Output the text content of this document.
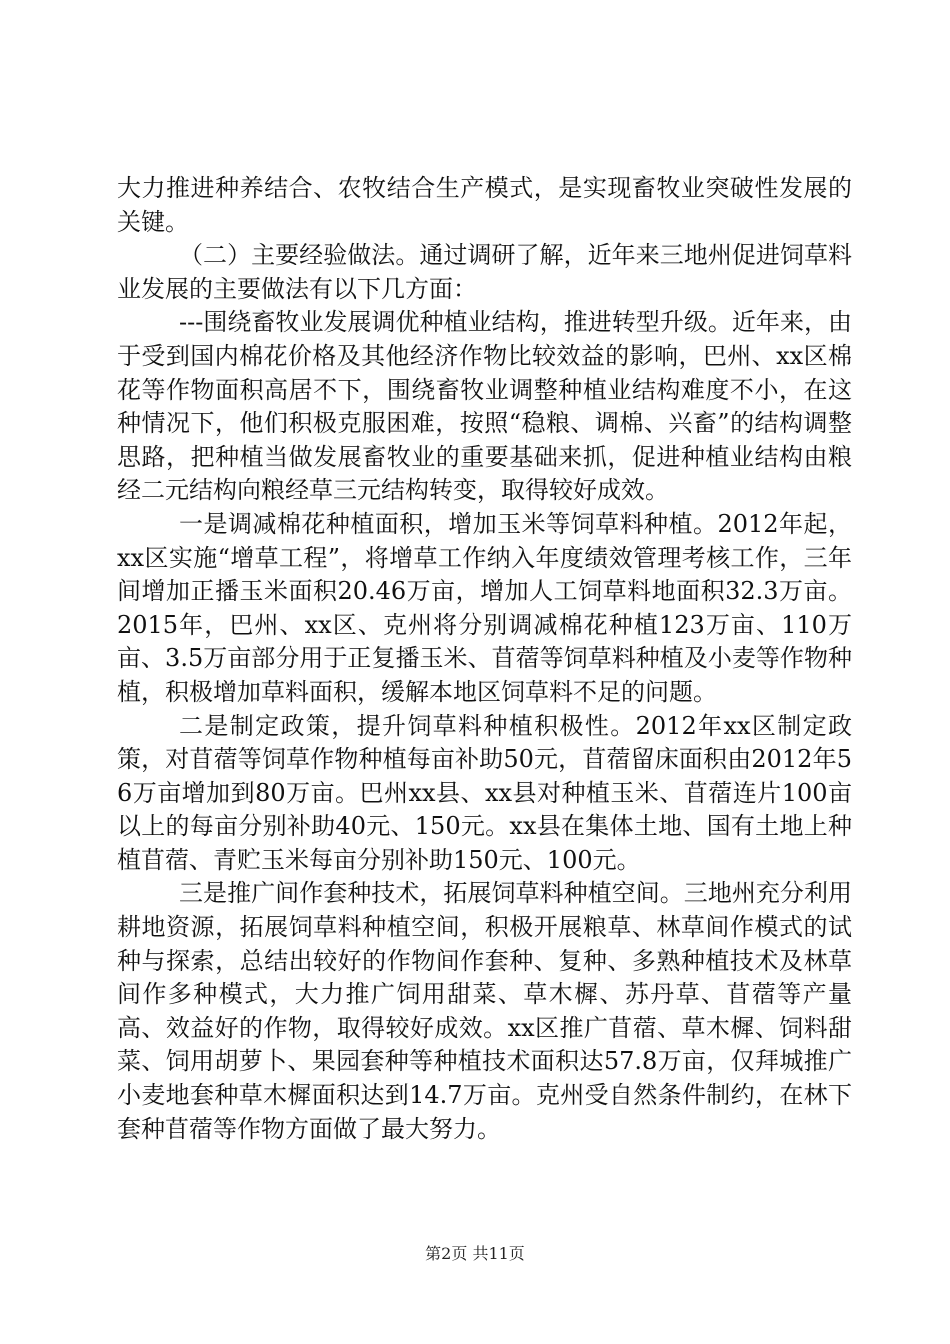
大力推进种养结合、农牧结合生产模式，是实现畜牧业突破性发展的关键。

（二）主要经验做法。通过调研了解，近年来三地州促进饲草料业发展的主要做法有以下几方面：

---围绕畜牧业发展调优种植业结构，推进转型升级。近年来，由于受到国内棉花价格及其他经济作物比较效益的影响，巴州、xx区棉花等作物面积高居不下，围绕畜牧业调整种植业结构难度不小，在这种情况下，他们积极克服困难，按照“稳粮、调棉、兴畜”的结构调整思路，把种植当做发展畜牧业的重要基础来抓，促进种植业结构由粮经二元结构向粮经草三元结构转变，取得较好成效。

一是调减棉花种植面积，增加玉米等饲草料种植。2012年起，xx区实施“增草工程”，将增草工作纳入年度绩效管理考核工作，三年间增加正播玉米面积20.46万亩，增加人工饲草料地面积32.3万亩。2015年，巴州、xx区、克州将分别调减棉花种植123万亩、110万亩、3.5万亩部分用于正复播玉米、苜蓿等饲草料种植及小麦等作物种植，积极增加草料面积，缓解本地区饲草料不足的问题。

二是制定政策，提升饲草料种植积极性。2012年xx区制定政策，对苜蓿等饲草作物种植每亩补助50元，苜蓿留床面积由2012年56万亩增加到80万亩。巴州xx县、xx县对种植玉米、苜蓿连片100亩以上的每亩分别补助40元、150元。xx县在集体土地、国有土地上种植苜蓿、青贮玉米每亩分别补助150元、100元。

三是推广间作套种技术，拓展饲草料种植空间。三地州充分利用耕地资源，拓展饲草料种植空间，积极开展粮草、林草间作模式的试种与探索，总结出较好的作物间作套种、复种、多熟种植技术及林草间作多种模式，大力推广饲用甜菜、草木樨、苏丹草、苜蓿等产量高、效益好的作物，取得较好成效。xx区推广苜蓿、草木樨、饲料甜菜、饲用胡萝卜、果园套种等种植技术面积达57.8万亩，仅拜城推广小麦地套种草木樨面积达到14.7万亩。克州受自然条件制约，在林下套种苜蓿等作物方面做了最大努力。

第2页 共11页
